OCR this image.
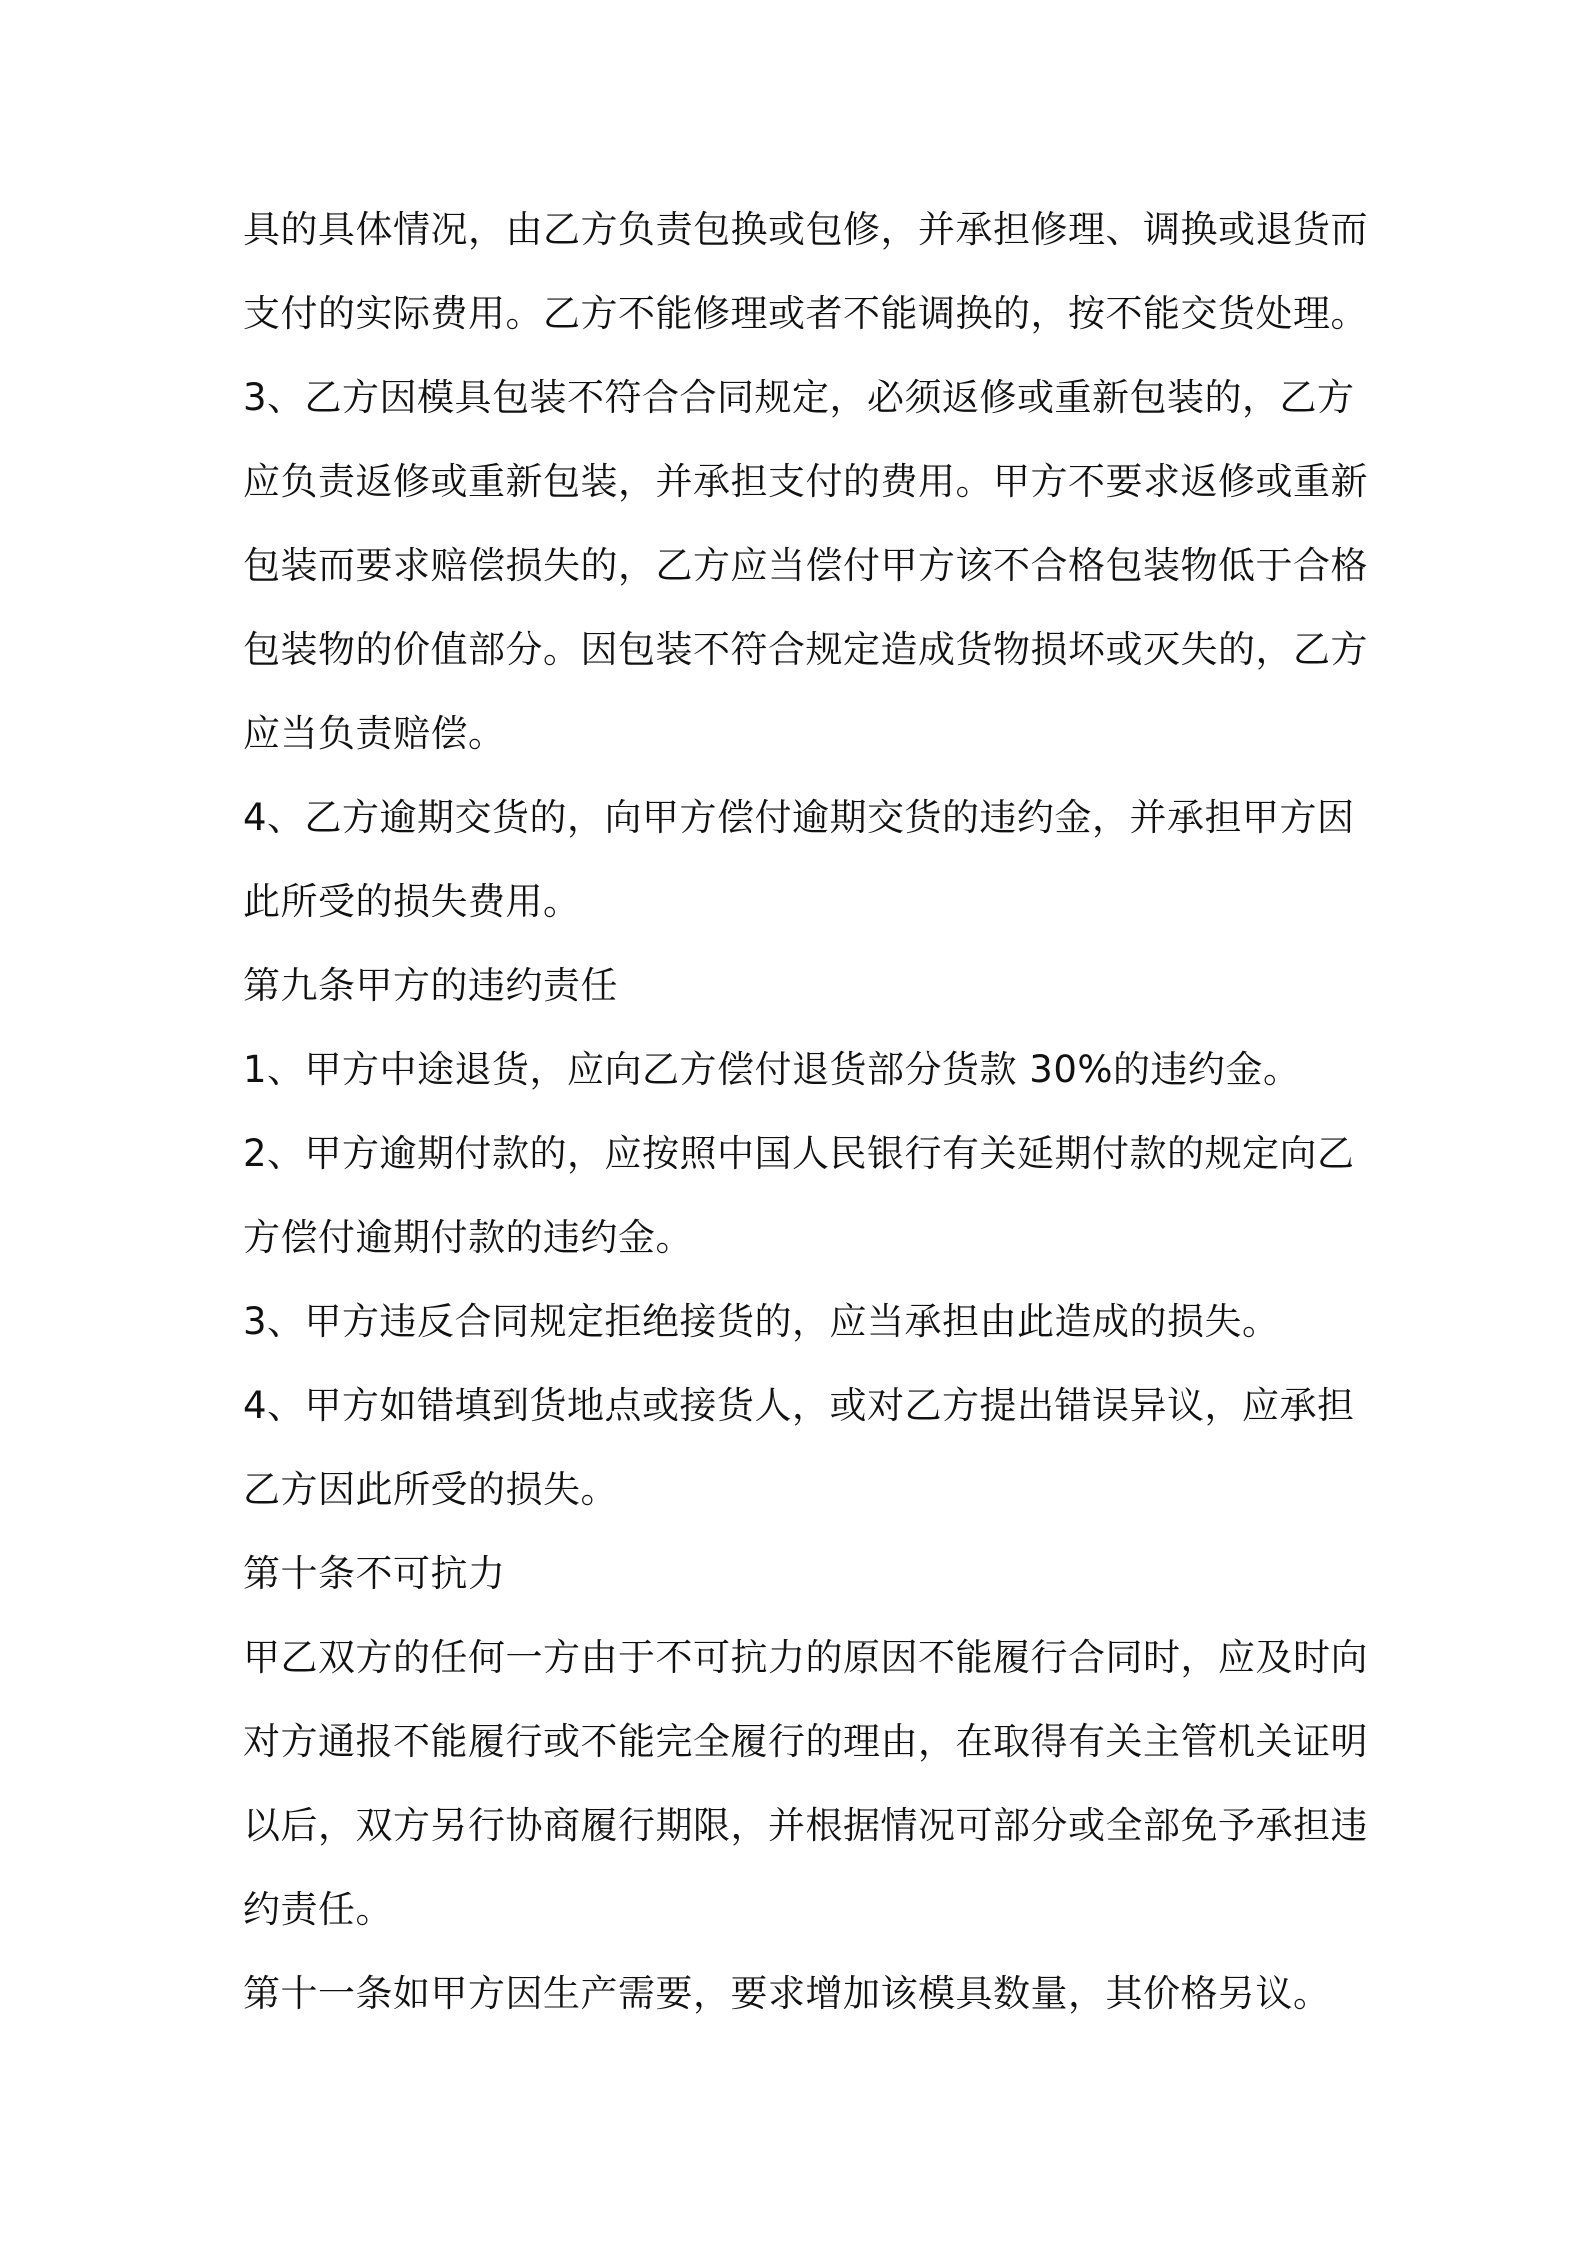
具的具体情况，由乙方负责包换或包修，并承担修理、调换或退货而
支付的实际费用。乙方不能修理或者不能调换的，按不能交货处理。
3、乙方因模具包装不符合合同规定，必须返修或重新包装的，乙方
应负责返修或重新包装，并承担支付的费用。甲方不要求返修或重新
包装而要求赔偿损失的，乙方应当偿付甲方该不合格包装物低于合格
包装物的价值部分。因包装不符合规定造成货物损坏或灭失的，乙方
应当负责赔偿。
4、乙方逾期交货的，向甲方偿付逾期交货的违约金，并承担甲方因
此所受的损失费用。
第九条甲方的违约责任
1、甲方中途退货，应向乙方偿付退货部分货款 30%的违约金。
2、甲方逾期付款的，应按照中国人民银行有关延期付款的规定向乙
方偿付逾期付款的违约金。
3、甲方违反合同规定拒绝接货的，应当承担由此造成的损失。
4、甲方如错填到货地点或接货人，或对乙方提出错误异议，应承担
乙方因此所受的损失。
第十条不可抗力
甲乙双方的任何一方由于不可抗力的原因不能履行合同时，应及时向
对方通报不能履行或不能完全履行的理由，在取得有关主管机关证明
以后，双方另行协商履行期限，并根据情况可部分或全部免予承担违
约责任。
第十一条如甲方因生产需要，要求增加该模具数量，其价格另议。
